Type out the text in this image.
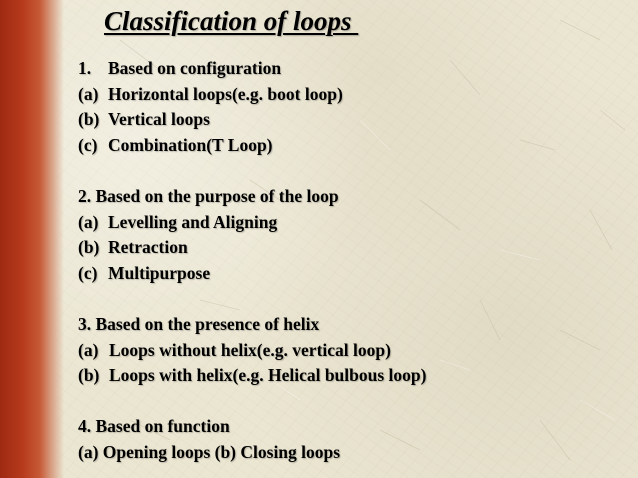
Classification of loops
1. Based on configuration
(a) Horizontal loops(e.g. boot loop)
(b) Vertical loops
(c) Combination(T Loop)
2. Based on the purpose of the loop
(a) Levelling and Aligning
(b) Retraction
(c) Multipurpose
3. Based on the presence of helix
(a) Loops without helix(e.g. vertical loop)
(b) Loops with helix(e.g. Helical bulbous loop)
4. Based on function
(a) Opening loops (b) Closing loops
